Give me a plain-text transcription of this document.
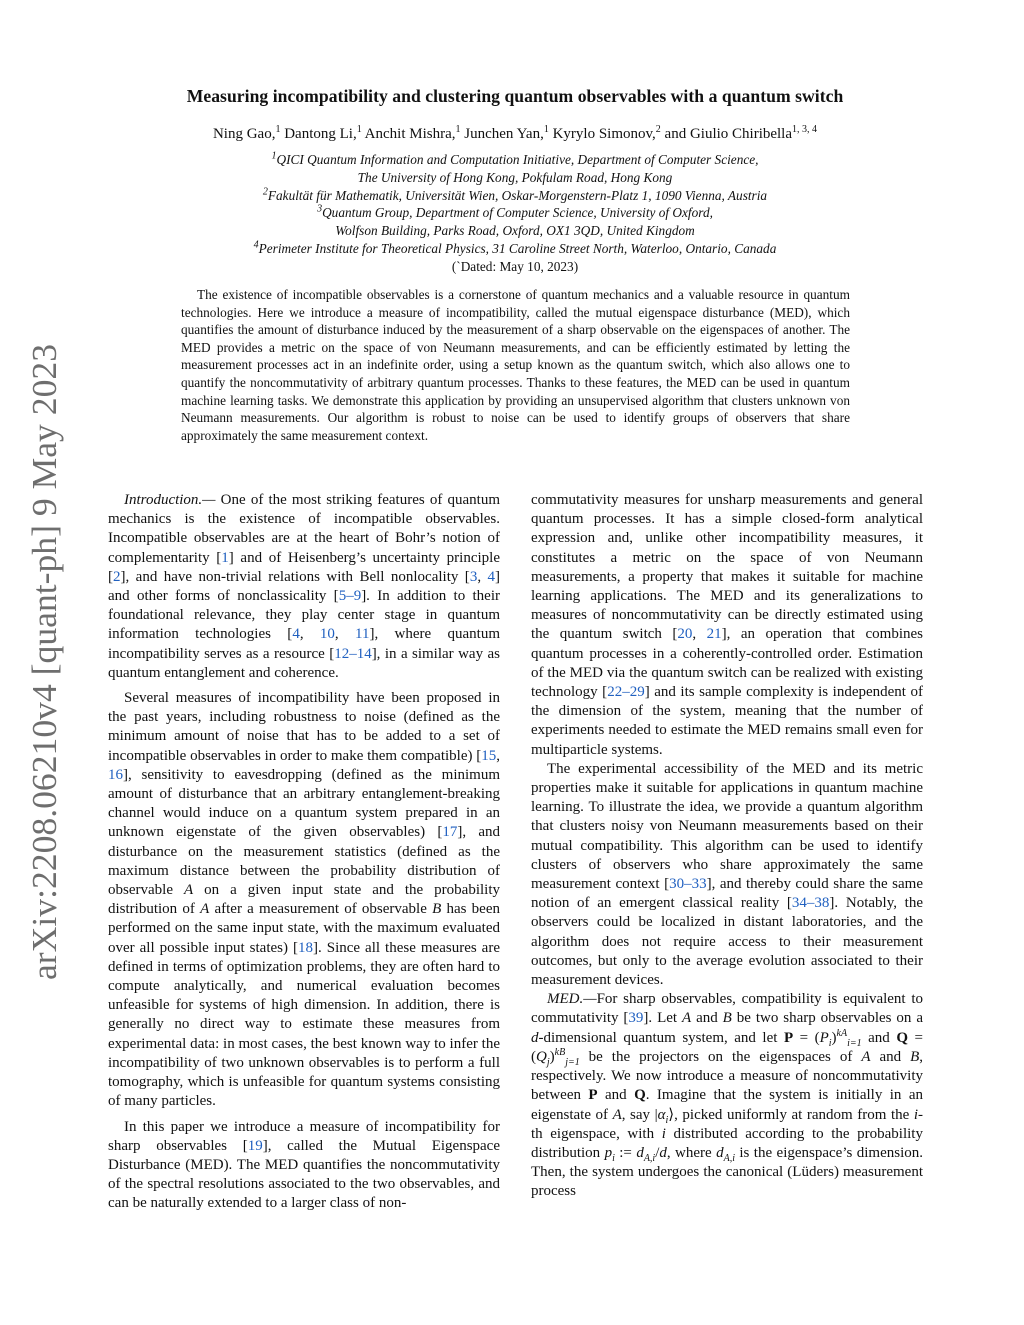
arXiv:2208.06210v4 [quant-ph] 9 May 2023
Measuring incompatibility and clustering quantum observables with a quantum switch
Ning Gao,$^1$ Dantong Li,$^1$ Anchit Mishra,$^1$ Junchen Yan,$^1$ Kyrylo Simonov,$^2$ and Giulio Chiribella$^{1, 3, 4}$
$^1$QICI Quantum Information and Computation Initiative, Department of Computer Science,
The University of Hong Kong, Pokfulam Road, Hong Kong
$^2$Fakultät für Mathematik, Universität Wien, Oskar-Morgenstern-Platz 1, 1090 Vienna, Austria
$^3$Quantum Group, Department of Computer Science, University of Oxford,
Wolfson Building, Parks Road, Oxford, OX1 3QD, United Kingdom
$^4$Perimeter Institute for Theoretical Physics, 31 Caroline Street North, Waterloo, Ontario, Canada
(`Dated: May 10, 2023)

The existence of incompatible observables is a cornerstone of quantum mechanics and a valuable resource in quantum technologies. Here we introduce a measure of incompatibility, called the mutual eigenspace disturbance (MED), which quantifies the amount of disturbance induced by the measurement of a sharp observable on the eigenspaces of another. The MED provides a metric on the space of von Neumann measurements, and can be efficiently estimated by letting the measurement processes act in an indefinite order, using a setup known as the quantum switch, which also allows one to quantify the noncommutativity of arbitrary quantum processes. Thanks to these features, the MED can be used in quantum machine learning tasks. We demonstrate this application by providing an unsupervised algorithm that clusters unknown von Neumann measurements. Our algorithm is robust to noise can be used to identify groups of observers that share approximately the same measurement context.

Introduction.— One of the most striking features of quantum mechanics is the existence of incompatible observables. Incompatible observables are at the heart of Bohr’s notion of complementarity [1] and of Heisenberg’s uncertainty principle [2], and have non-trivial relations with Bell nonlocality [3, 4] and other forms of nonclassicality [5–9]. In addition to their foundational relevance, they play center stage in quantum information technologies [4, 10, 11], where quantum incompatibility serves as a resource [12–14], in a similar way as quantum entanglement and coherence.

Several measures of incompatibility have been proposed in the past years, including robustness to noise (defined as the minimum amount of noise that has to be added to a set of incompatible observables in order to make them compatible) [15, 16], sensitivity to eavesdropping (defined as the minimum amount of disturbance that an arbitrary entanglement-breaking channel would induce on a quantum system prepared in an unknown eigenstate of the given observables) [17], and disturbance on the measurement statistics (defined as the maximum distance between the probability distribution of observable A on a given input state and the probability distribution of A after a measurement of observable B has been performed on the same input state, with the maximum evaluated over all possible input states) [18]. Since all these measures are defined in terms of optimization problems, they are often hard to compute analytically, and numerical evaluation becomes unfeasible for systems of high dimension. In addition, there is generally no direct way to estimate these measures from experimental data: in most cases, the best known way to infer the incompatibility of two unknown observables is to perform a full tomography, which is unfeasible for quantum systems consisting of many particles.

In this paper we introduce a measure of incompatibility for sharp observables [19], called the Mutual Eigenspace Disturbance (MED). The MED quantifies the noncommutativity of the spectral resolutions associated to the two observables, and can be naturally extended to a larger class of non-

commutativity measures for unsharp measurements and general quantum processes. It has a simple closed-form analytical expression and, unlike other incompatibility measures, it constitutes a metric on the space of von Neumann measurements, a property that makes it suitable for machine learning applications. The MED and its generalizations to measures of noncommutativity can be directly estimated using the quantum switch [20, 21], an operation that combines quantum processes in a coherently-controlled order. Estimation of the MED via the quantum switch can be realized with existing technology [22–29] and its sample complexity is independent of the dimension of the system, meaning that the number of experiments needed to estimate the MED remains small even for multiparticle systems.

The experimental accessibility of the MED and its metric properties make it suitable for applications in quantum machine learning. To illustrate the idea, we provide a quantum algorithm that clusters noisy von Neumann measurements based on their mutual compatibility. This algorithm can be used to identify clusters of observers who share approximately the same measurement context [30–33], and thereby could share the same notion of an emergent classical reality [34–38]. Notably, the observers could be localized in distant laboratories, and the algorithm does not require access to their measurement outcomes, but only to the average evolution associated to their measurement devices.

MED.—For sharp observables, compatibility is equivalent to commutativity [39]. Let A and B be two sharp observables on a d-dimensional quantum system, and let $P = (P_i)^{kA}_{i=1}$ and $Q = (Q_j)^{kB}_{j=1}$ be the projectors on the eigenspaces of A and B, respectively. We now introduce a measure of noncommutativity between P and Q. Imagine that the system is initially in an eigenstate of A, say $|\alpha_i⟩$, picked uniformly at random from the i-th eigenspace, with i distributed according to the probability distribution $p_i$ := $d_{A,i}/d$, where $d_{A,i}$ is the eigenspace’s dimension. Then, the system undergoes the canonical (Lüders) measurement process
